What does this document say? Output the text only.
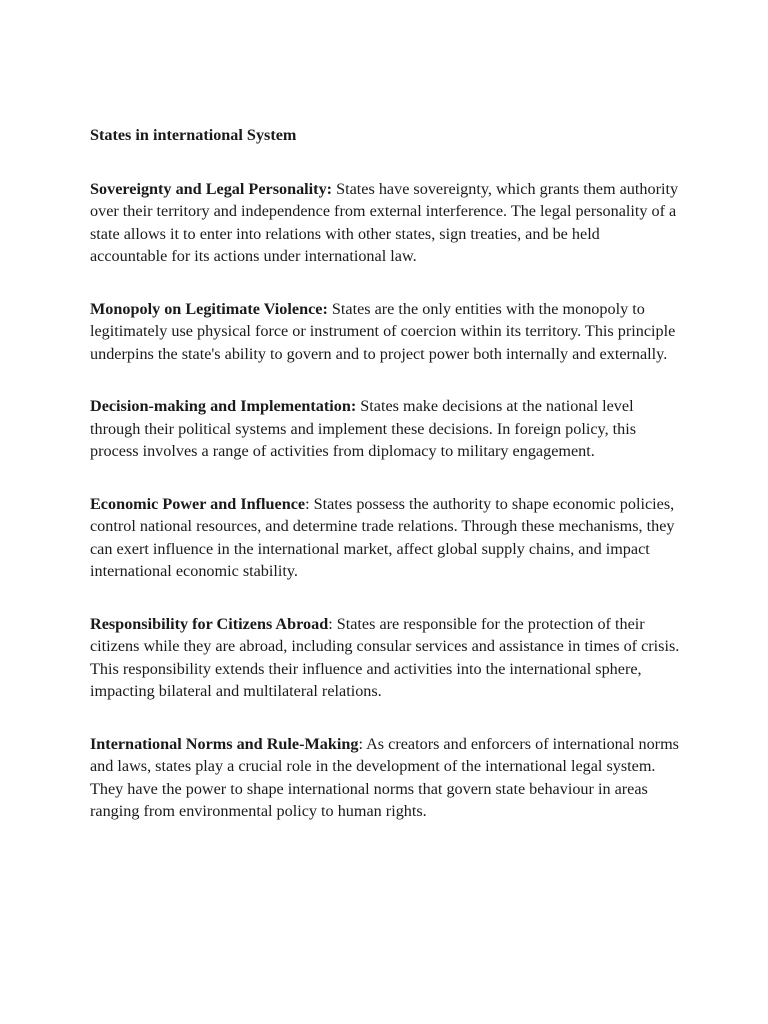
States in international System

Sovereignty and Legal Personality: States have sovereignty, which grants them authority over their territory and independence from external interference. The legal personality of a state allows it to enter into relations with other states, sign treaties, and be held accountable for its actions under international law.

Monopoly on Legitimate Violence: States are the only entities with the monopoly to legitimately use physical force or instrument of coercion within its territory. This principle underpins the state's ability to govern and to project power both internally and externally.

Decision-making and Implementation: States make decisions at the national level through their political systems and implement these decisions. In foreign policy, this process involves a range of activities from diplomacy to military engagement.

Economic Power and Influence: States possess the authority to shape economic policies, control national resources, and determine trade relations. Through these mechanisms, they can exert influence in the international market, affect global supply chains, and impact international economic stability.

Responsibility for Citizens Abroad: States are responsible for the protection of their citizens while they are abroad, including consular services and assistance in times of crisis. This responsibility extends their influence and activities into the international sphere, impacting bilateral and multilateral relations.

International Norms and Rule-Making: As creators and enforcers of international norms and laws, states play a crucial role in the development of the international legal system. They have the power to shape international norms that govern state behaviour in areas ranging from environmental policy to human rights.
